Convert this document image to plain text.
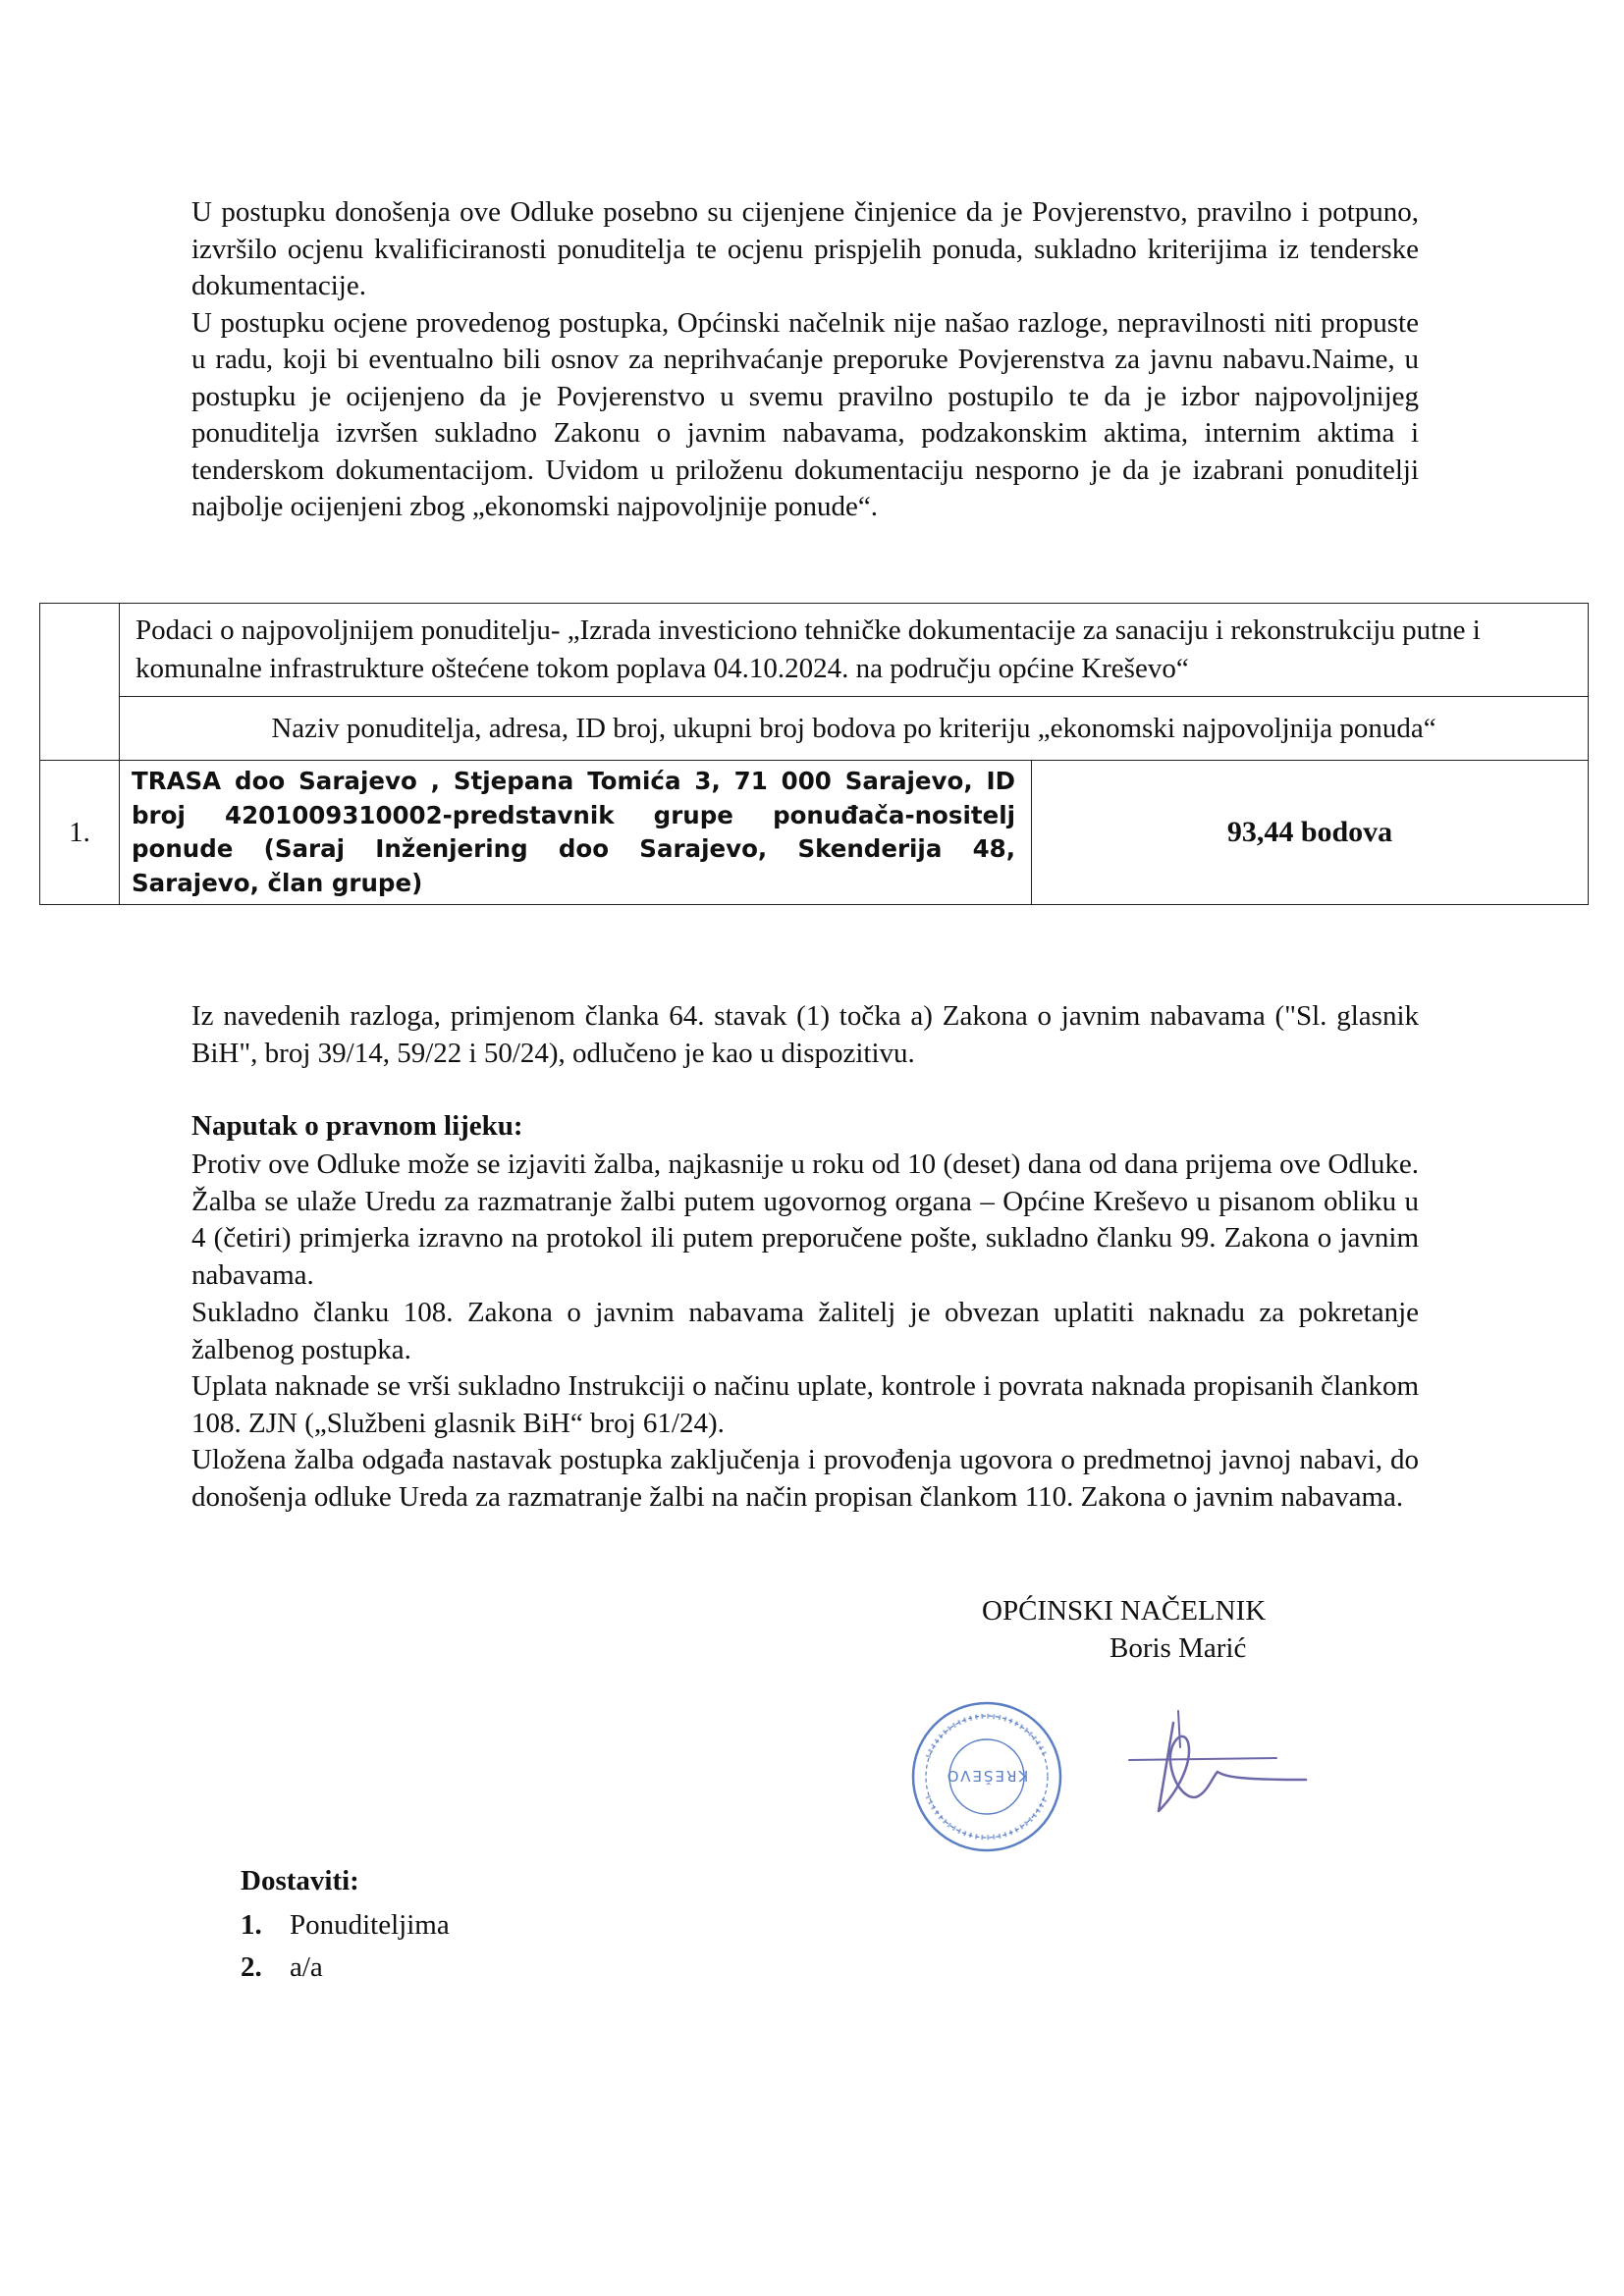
U postupku donošenja ove Odluke posebno su cijenjene činjenice da je Povjerenstvo, pravilno i potpuno, izvršilo ocjenu kvalificiranosti ponuditelja te ocjenu prispjelih ponuda, sukladno kriterijima iz tenderske dokumentacije.
U postupku ocjene provedenog postupka, Općinski načelnik nije našao razloge, nepravilnosti niti propuste u radu, koji bi eventualno bili osnov za neprihvaćanje preporuke Povjerenstva za javnu nabavu.Naime, u postupku je ocijenjeno da je Povjerenstvo u svemu pravilno postupilo te da je izbor najpovoljnijeg ponuditelja izvršen sukladno Zakonu o javnim nabavama, podzakonskim aktima, internim aktima i tenderskom dokumentacijom. Uvidom u priloženu dokumentaciju nesporno je da je izabrani ponuditelji najbolje ocijenjeni zbog „ekonomski najpovoljnije ponude“.

	Podaci o najpovoljnijem ponuditelju- „Izrada investiciono tehničke dokumentacije za sanaciju i rekonstrukciju putne i komunalne infrastrukture oštećene tokom poplava 04.10.2024. na području općine Kreševo“	
	Naziv ponuditelja, adresa, ID broj, ukupni broj bodova po kriteriju „ekonomski najpovoljnija ponuda“	
1.	TRASA doo Sarajevo , Stjepana Tomića 3, 71 000 Sarajevo, ID broj 4201009310002-predstavnik grupe ponuđača-nositelj ponude (Saraj Inženjering doo Sarajevo, Skenderija 48, Sarajevo, član grupe)	93,44 bodova

Iz navedenih razloga, primjenom članka 64. stavak (1) točka a) Zakona o javnim nabavama ("Sl. glasnik BiH", broj 39/14, 59/22 i 50/24), odlučeno je kao u dispozitivu.

Naputak o pravnom lijeku:

Protiv ove Odluke može se izjaviti žalba, najkasnije u roku od 10 (deset) dana od dana prijema ove Odluke. Žalba se ulaže Uredu za razmatranje žalbi putem ugovornog organa – Općine Kreševo u pisanom obliku u 4 (četiri) primjerka izravno na protokol ili putem preporučene pošte, sukladno članku 99. Zakona o javnim nabavama.

Sukladno članku 108. Zakona o javnim nabavama žalitelj je obvezan uplatiti naknadu za pokretanje žalbenog postupka.

Uplata naknade se vrši sukladno Instrukciji o načinu uplate, kontrole i povrata naknada propisanih člankom 108. ZJN („Službeni glasnik BiH“ broj 61/24).

Uložena žalba odgađa nastavak postupka zaključenja i provođenja ugovora o predmetnoj javnoj nabavi, do donošenja odluke Ureda za razmatranje žalbi na način propisan člankom 110. Zakona o javnim nabavama.

OPĆINSKI NAČELNIK

Boris Marić

KREŠEVO

Dostaviti:

1. Ponuditeljima

2. a/a
